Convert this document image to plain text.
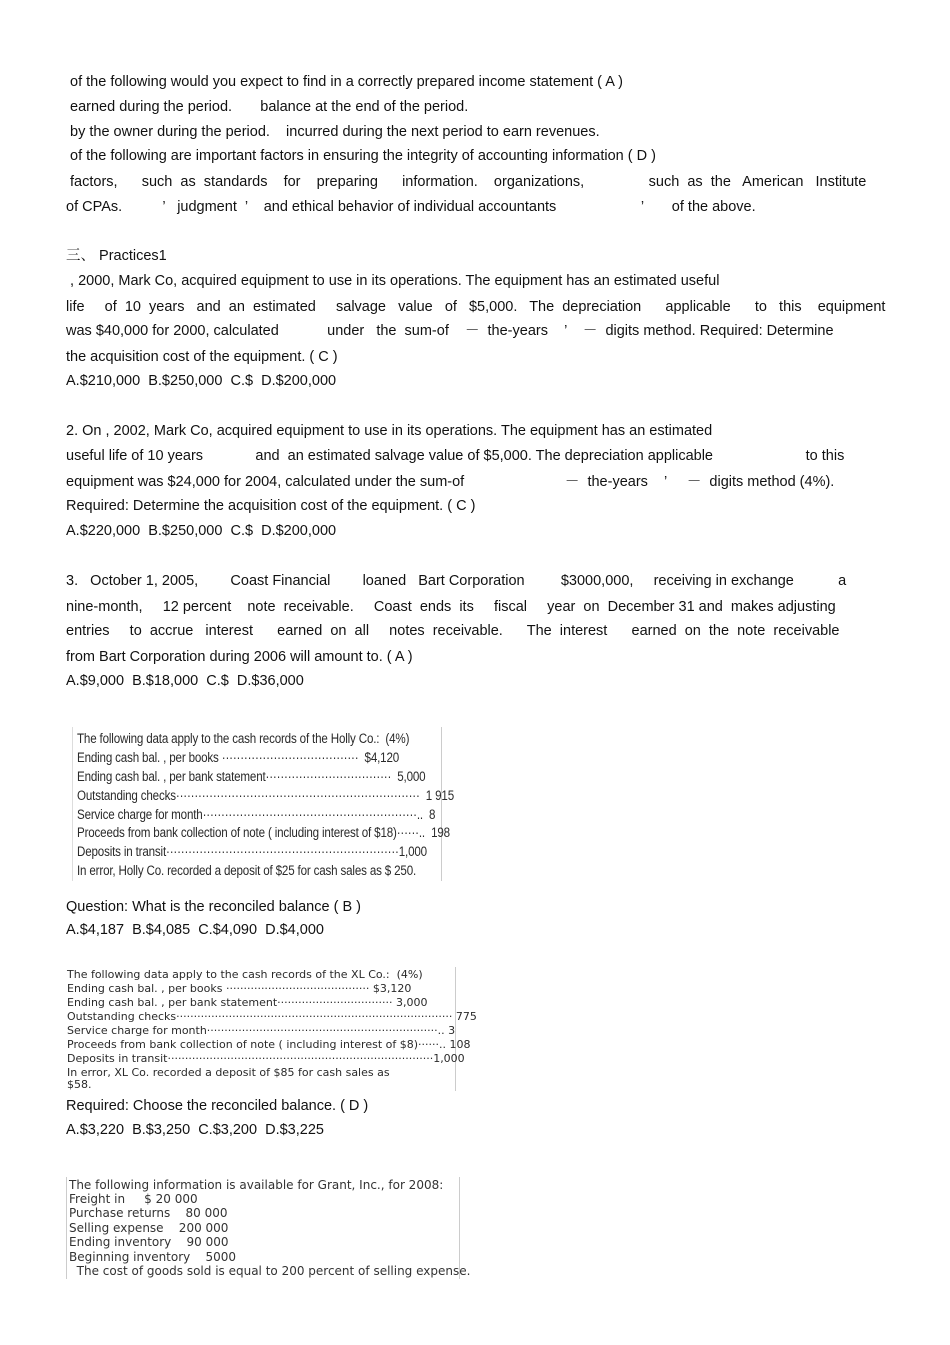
of the following would you expect to find in a correctly prepared income statement ( A )
earned during the period.       balance at the end of the period.
by the owner during the period.    incurred during the next period to earn revenues.
of the following are important factors in ensuring the integrity of accounting information ( D )
factors,      such  as  standards    for    preparing      information.    organizations,                such  as  the   American   Institute
of CPAs.          ’   judgment  ’    and ethical behavior of individual accountants                     ’       of the above.
三、 Practices1
, 2000, Mark Co, acquired equipment to use in its operations. The equipment has an estimated useful
life     of  10  years   and  an  estimated     salvage   value   of   $5,000.   The  depreciation      applicable      to   this    equipment
was $40,000 for 2000, calculated            under   the  sum-of    －  the-years    ’    －  digits method. Required: Determine
the acquisition cost of the equipment. ( C )
A.$210,000  B.$250,000  C.$  D.$200,000
2. On , 2002, Mark Co, acquired equipment to use in its operations. The equipment has an estimated
useful life of 10 years             and  an estimated salvage value of $5,000. The depreciation applicable                       to this
equipment was $24,000 for 2004, calculated under the sum-of                         －  the-years    ’     －  digits method (4%).
Required: Determine the acquisition cost of the equipment. ( C )
A.$220,000  B.$250,000  C.$  D.$200,000
3.   October 1, 2005,        Coast Financial        loaned   Bart Corporation         $3000,000,     receiving in exchange           a
nine-month,     12 percent    note  receivable.     Coast  ends  its     fiscal     year  on  December 31 and  makes adjusting
entries     to  accrue   interest      earned  on  all     notes  receivable.      The  interest      earned  on  the  note  receivable
from Bart Corporation during 2006 will amount to. ( A )
A.$9,000  B.$18,000  C.$  D.$36,000
The following data apply to the cash records of the Holly Co.:  (4%)
Ending cash bal. , per books ·····································  $4,120
Ending cash bal. , per bank statement··································  5,000
Outstanding checks··································································  1 915
Service charge for month··························································..  8
Proceeds from bank collection of note ( including interest of $18)······..  198
Deposits in transit·······························································1,000
In error, Holly Co. recorded a deposit of $25 for cash sales as $ 250.
Question: What is the reconciled balance ( B )
A.$4,187  B.$4,085  C.$4,090  D.$4,000
The following data apply to the cash records of the XL Co.:  (4%)
Ending cash bal. , per books ········································· $3,120
Ending cash bal. , per bank statement································· 3,000
Outstanding checks··············································································· 775
Service charge for month··································································.. 3
Proceeds from bank collection of note ( including interest of $8)······.. 108
Deposits in transit············································································1,000
In error, XL Co. recorded a deposit of $85 for cash sales as
$58.
Required: Choose the reconciled balance. ( D )
A.$3,220  B.$3,250  C.$3,200  D.$3,225
The following information is available for Grant, Inc., for 2008:
Freight in     $ 20 000
Purchase returns    80 000
Selling expense    200 000
Ending inventory    90 000
Beginning inventory    5000
The cost of goods sold is equal to 200 percent of selling expense.
